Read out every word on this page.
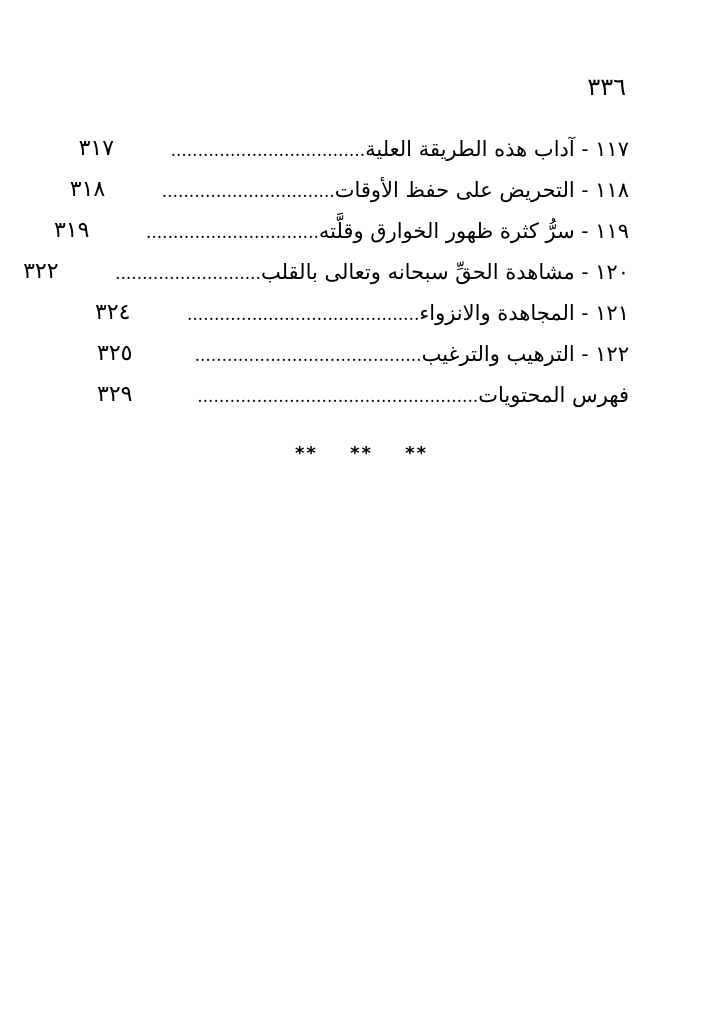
٣٣٦
١١٧ - آداب هذه الطريقة العلية....................................
٣١٧
١١٨ - التحريض على حفظ الأوقات................................
٣١٨
١١٩ - سرُّ كثرة ظهور الخوارق وقلَّته................................
٣١٩
١٢٠ - مشاهدة الحقِّ سبحانه وتعالى بالقلب...........................
٣٢٢
١٢١ - المجاهدة والانزواء...........................................
٣٢٤
١٢٢ - الترهيب والترغيب..........................................
٣٢٥
فهرس المحتويات....................................................
٣٢٩
** ** **
